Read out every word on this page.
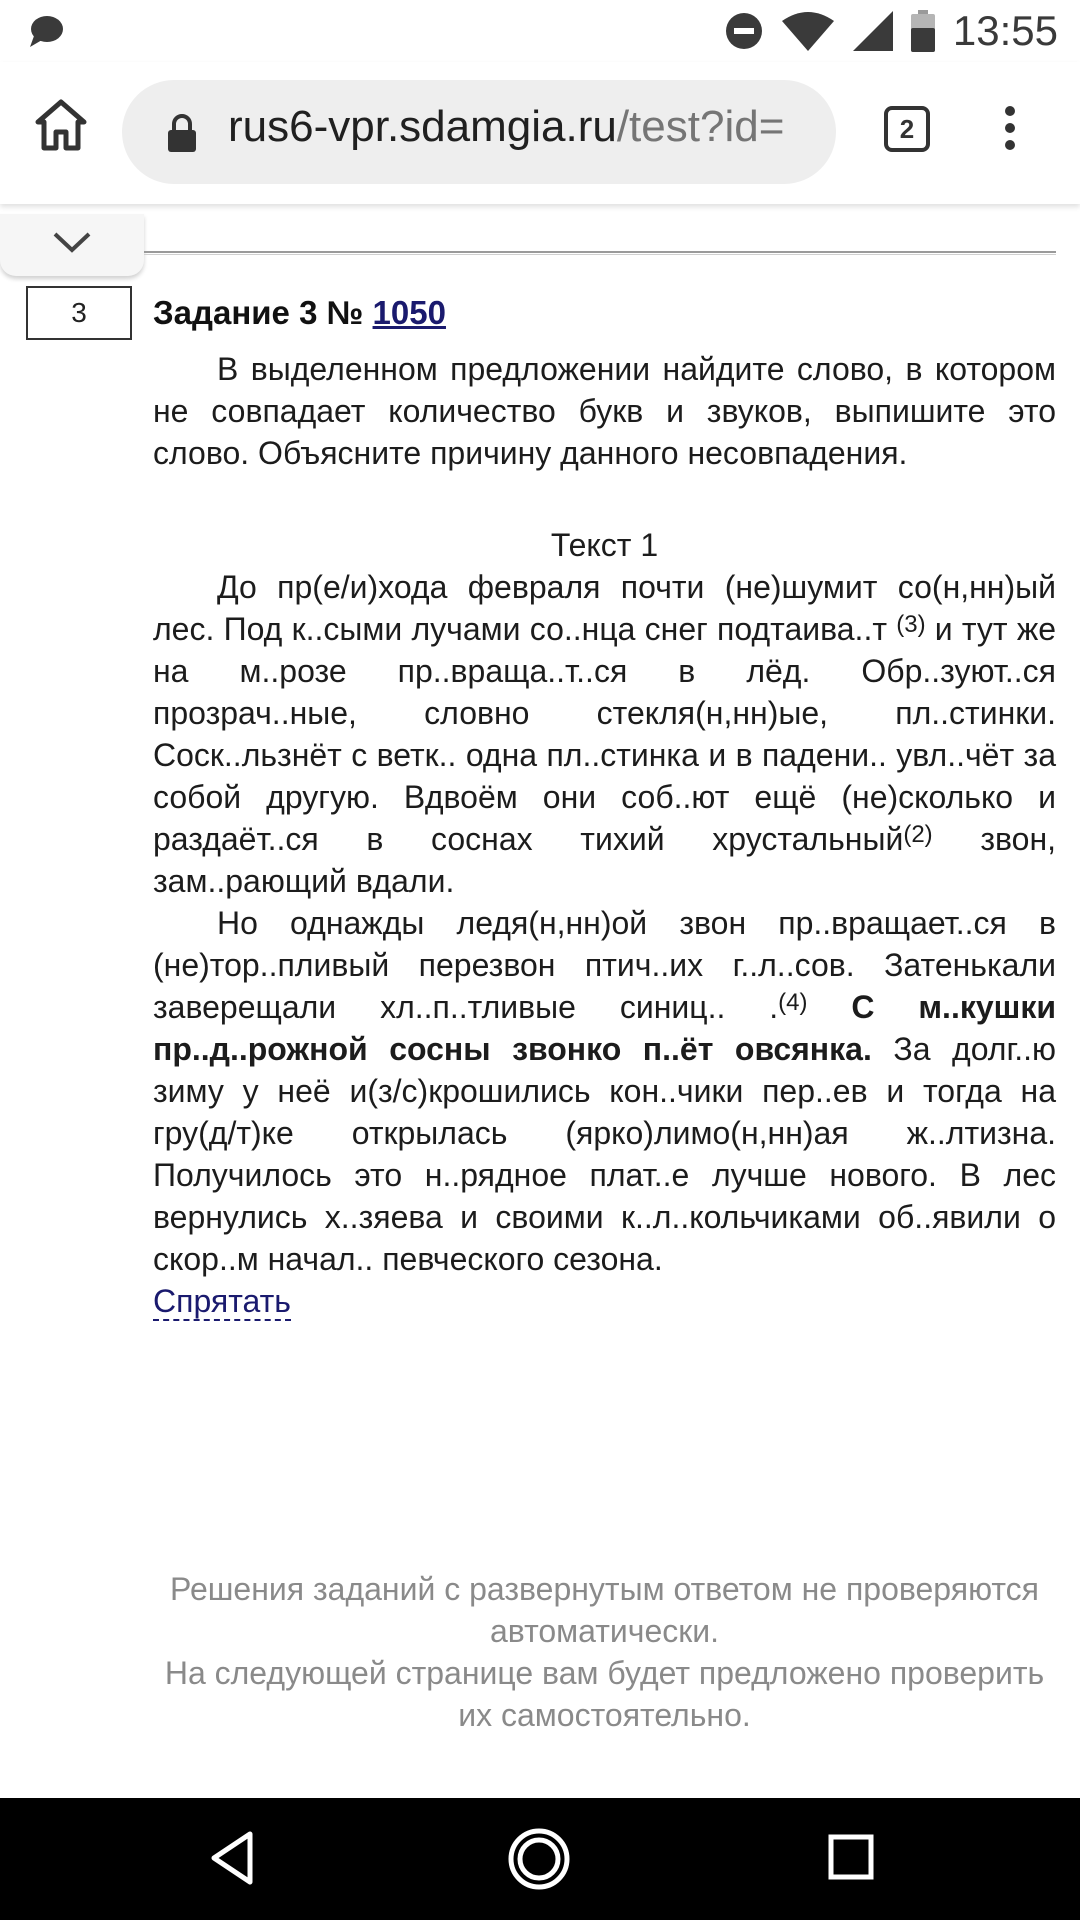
13:55
rus6-vpr.sdamgia.ru/test?id=	2
3	Задание 3 № 1050

В выделенном предложении найдите слово, в котором не совпадает количество букв и звуков, выпишите это слово. Объясните причину данного несовпадения.

Текст 1

До пр(е/и)хода февраля почти (не)шумит со(н,нн)ый лес. Под к..сыми лучами со..нца снег подтаива..т $^{(3)}$ и тут же на м..розе пр..враща..т..ся в лёд. Обр..зуют..ся прозрач..ные, словно стекля(н,нн)ые, пл..стинки. Соск..льзнёт с ветк.. одна пл..стинка и в падени.. увл..чёт за собой другую. Вдвоём они соб..ют ещё (не)сколько и раздаёт..ся в соснах тихий хрустальный$^{(2)}$ звон, зам..рающий вдали.

Но однажды ледя(н,нн)ой звон пр..вращает..ся в (не)тор..пливый перезвон птич..их г..л..сов. Затенькали заверещали хл..п..тливые синиц.. .$^{(4)}$ С м..кушки пр..д..рожной сосны звонко п..ёт овсянка. За долг..ю зиму у неё и(з/с)крошились кон..чики пер..ев и тогда на гру(д/т)ке открылась (ярко)лимо(н,нн)ая ж..лтизна. Получилось это н..рядное плат..е лучше нового. В лес вернулись х..зяева и своими к..л..кольчиками об..явили о скор..м начал.. певческого сезона.

Спрятать

Решения заданий с развернутым ответом не проверяются автоматически.

На следующей странице вам будет предложено проверить их самостоятельно.
